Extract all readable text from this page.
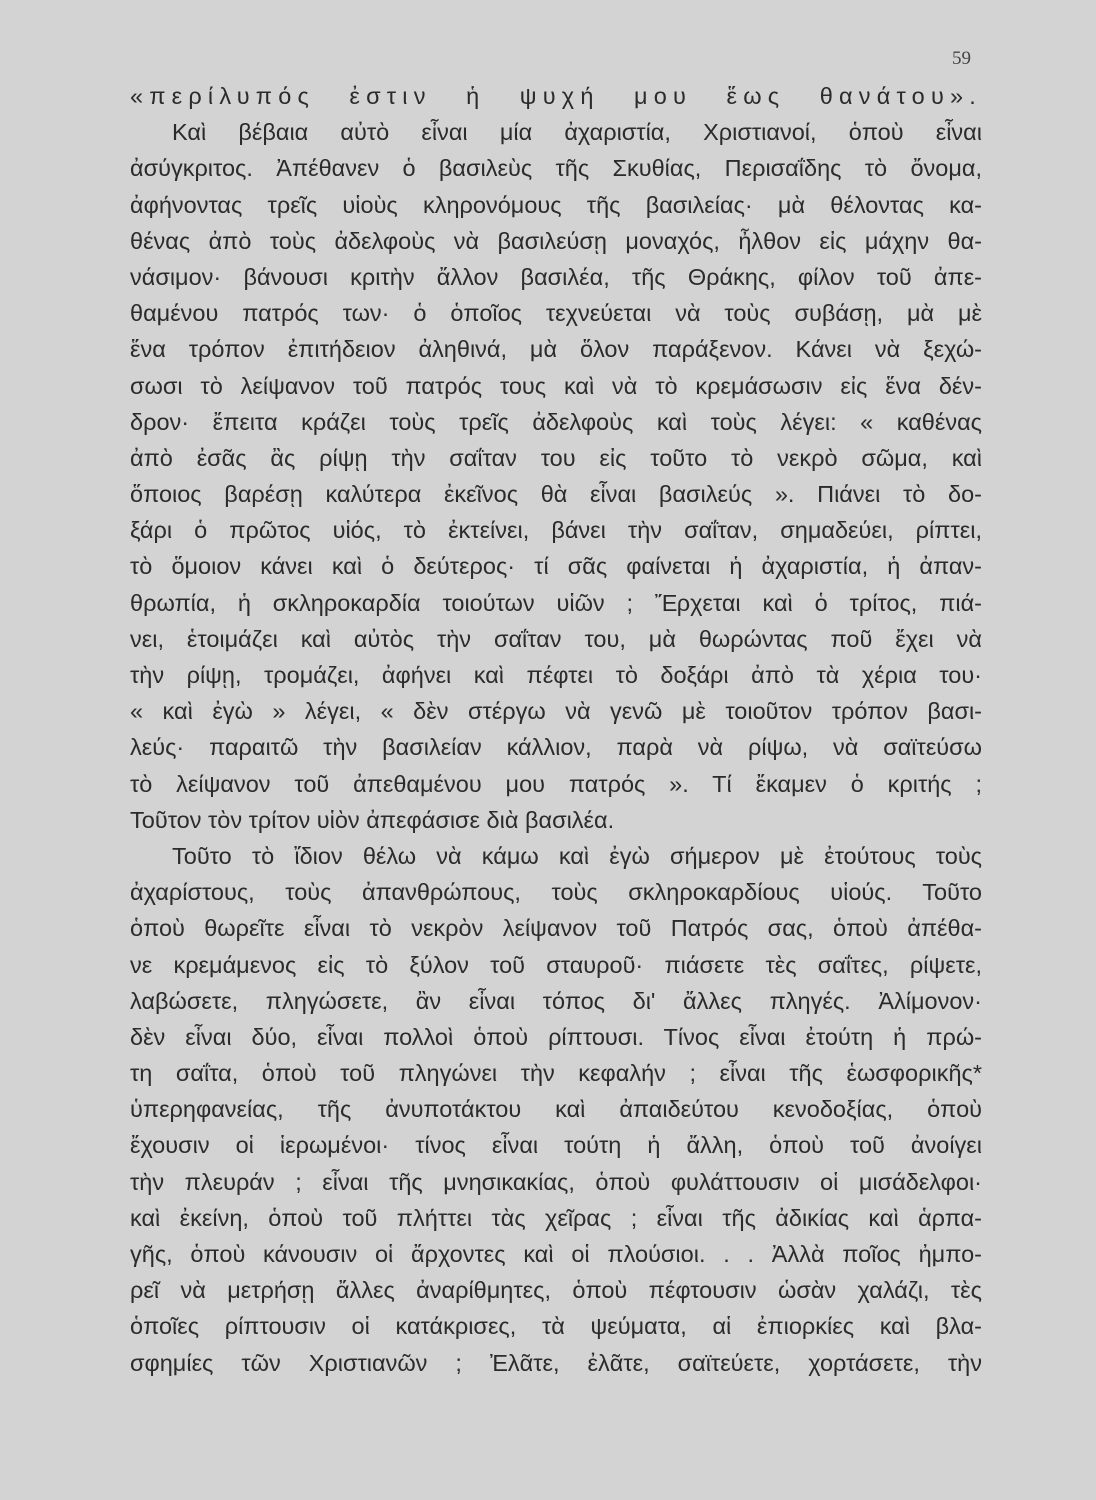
59
«περίλυπός ἐστιν ἡ ψυχή μου ἕως θανάτου».
Καὶ βέβαια αὐτὸ εἶναι μία ἀχαριστία, Χριστιανοί, ὁποὺ εἶναι
ἀσύγκριτος. Ἀπέθανεν ὁ βασιλεὺς τῆς Σκυθίας, Περισαΐδης τὸ ὄνομα,
ἀφήνοντας τρεῖς υἱοὺς κληρονόμους τῆς βασιλείας· μὰ θέλοντας κα-
θένας ἀπὸ τοὺς ἀδελφοὺς νὰ βασιλεύσῃ μοναχός, ἦλθον εἰς μάχην θα-
νάσιμον· βάνουσι κριτὴν ἄλλον βασιλέα, τῆς Θράκης, φίλον τοῦ ἀπε-
θαμένου πατρός των· ὁ ὁποῖος τεχνεύεται νὰ τοὺς συβάσῃ, μὰ μὲ
ἕνα τρόπον ἐπιτήδειον ἀληθινά, μὰ ὅλον παράξενον. Κάνει νὰ ξεχώ-
σωσι τὸ λείψανον τοῦ πατρός τους καὶ νὰ τὸ κρεμάσωσιν εἰς ἕνα δέν-
δρον· ἔπειτα κράζει τοὺς τρεῖς ἀδελφοὺς καὶ τοὺς λέγει: « καθένας
ἀπὸ ἐσᾶς ἂς ρίψῃ τὴν σαΐταν του εἰς τοῦτο τὸ νεκρὸ σῶμα, καὶ
ὅποιος βαρέσῃ καλύτερα ἐκεῖνος θὰ εἶναι βασιλεύς ». Πιάνει τὸ δο-
ξάρι ὁ πρῶτος υἱός, τὸ ἐκτείνει, βάνει τὴν σαΐταν, σημαδεύει, ρίπτει,
τὸ ὅμοιον κάνει καὶ ὁ δεύτερος· τί σᾶς φαίνεται ἡ ἀχαριστία, ἡ ἀπαν-
θρωπία, ἡ σκληροκαρδία τοιούτων υἱῶν ; Ἔρχεται καὶ ὁ τρίτος, πιά-
νει, ἑτοιμάζει καὶ αὐτὸς τὴν σαΐταν του, μὰ θωρώντας ποῦ ἔχει νὰ
τὴν ρίψῃ, τρομάζει, ἀφήνει καὶ πέφτει τὸ δοξάρι ἀπὸ τὰ χέρια του·
« καὶ ἐγὼ » λέγει, « δὲν στέργω νὰ γενῶ μὲ τοιοῦτον τρόπον βασι-
λεύς· παραιτῶ τὴν βασιλείαν κάλλιον, παρὰ νὰ ρίψω, νὰ σαϊτεύσω
τὸ λείψανον τοῦ ἀπεθαμένου μου πατρός ». Τί ἔκαμεν ὁ κριτής ;
Τοῦτον τὸν τρίτον υἱὸν ἀπεφάσισε διὰ βασιλέα.
Τοῦτο τὸ ἴδιον θέλω νὰ κάμω καὶ ἐγὼ σήμερον μὲ ἐτούτους τοὺς
ἀχαρίστους, τοὺς ἀπανθρώπους, τοὺς σκληροκαρδίους υἱούς. Τοῦτο
ὁποὺ θωρεῖτε εἶναι τὸ νεκρὸν λείψανον τοῦ Πατρός σας, ὁποὺ ἀπέθα-
νε κρεμάμενος εἰς τὸ ξύλον τοῦ σταυροῦ· πιάσετε τὲς σαΐτες, ρίψετε,
λαβώσετε, πληγώσετε, ἂν εἶναι τόπος δι' ἄλλες πληγές. Ἀλίμονον·
δὲν εἶναι δύο, εἶναι πολλοὶ ὁποὺ ρίπτουσι. Τίνος εἶναι ἐτούτη ἡ πρώ-
τη σαΐτα, ὁποὺ τοῦ πληγώνει τὴν κεφαλήν ; εἶναι τῆς ἑωσφορικῆς*
ὑπερηφανείας, τῆς ἀνυποτάκτου καὶ ἀπαιδεύτου κενοδοξίας, ὁποὺ
ἔχουσιν οἱ ἱερωμένοι· τίνος εἶναι τούτη ἡ ἄλλη, ὁποὺ τοῦ ἀνοίγει
τὴν πλευράν ; εἶναι τῆς μνησικακίας, ὁποὺ φυλάττουσιν οἱ μισάδελφοι·
καὶ ἐκείνη, ὁποὺ τοῦ πλήττει τὰς χεῖρας ; εἶναι τῆς ἀδικίας καὶ ἁρπα-
γῆς, ὁποὺ κάνουσιν οἱ ἄρχοντες καὶ οἱ πλούσιοι. . . Ἀλλὰ ποῖος ἠμπο-
ρεῖ νὰ μετρήσῃ ἄλλες ἀναρίθμητες, ὁποὺ πέφτουσιν ὡσὰν χαλάζι, τὲς
ὁποῖες ρίπτουσιν οἱ κατάκρισες, τὰ ψεύματα, αἱ ἐπιορκίες καὶ βλα-
σφημίες τῶν Χριστιανῶν ; Ἐλᾶτε, ἐλᾶτε, σαϊτεύετε, χορτάσετε, τὴν
